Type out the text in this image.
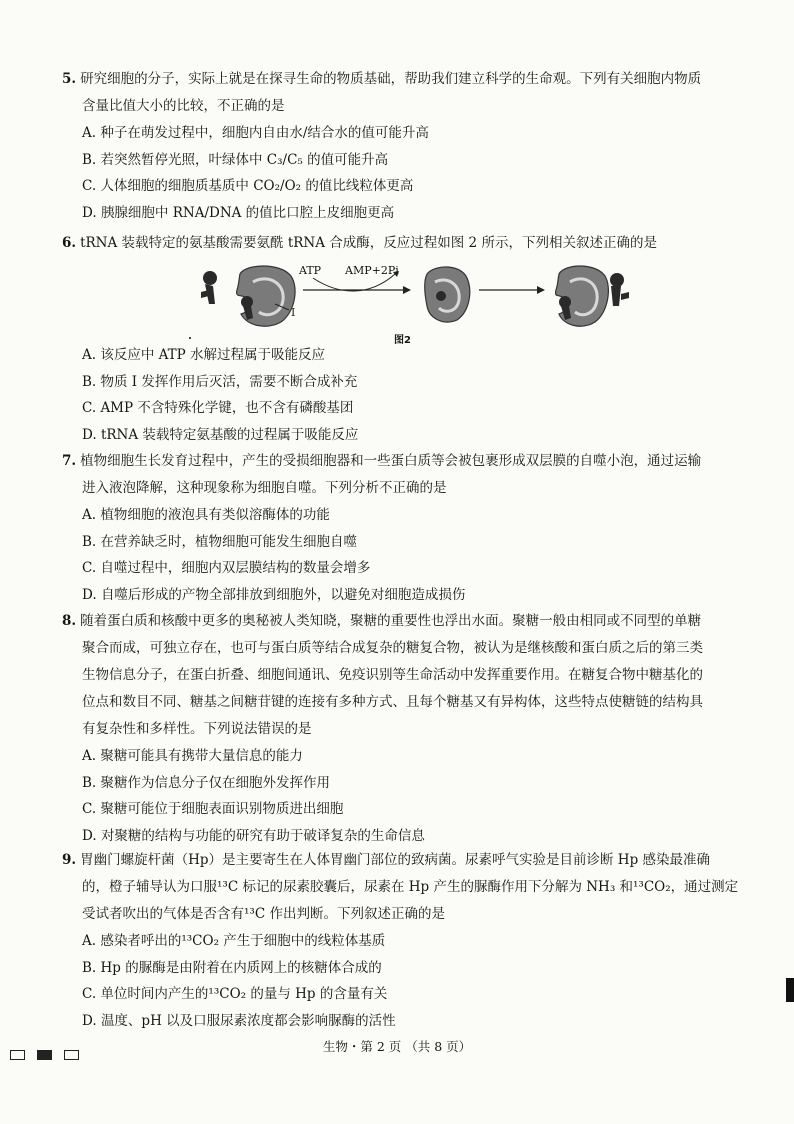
5. 研究细胞的分子，实际上就是在探寻生命的物质基础，帮助我们建立科学的生命观。下列有关细胞内物质
含量比值大小的比较，不正确的是
A. 种子在萌发过程中，细胞内自由水/结合水的值可能升高
B. 若突然暂停光照，叶绿体中 C₃/C₅ 的值可能升高
C. 人体细胞的细胞质基质中 CO₂/O₂ 的值比线粒体更高
D. 胰腺细胞中 RNA/DNA 的值比口腔上皮细胞更高
6. tRNA 装载特定的氨基酸需要氨酰 tRNA 合成酶，反应过程如图 2 所示，下列相关叙述正确的是
I
ATP AMP+2Pi
图2
A. 该反应中 ATP 水解过程属于吸能反应
B. 物质 Ⅰ 发挥作用后灭活，需要不断合成补充
C. AMP 不含特殊化学键，也不含有磷酸基团
D. tRNA 装载特定氨基酸的过程属于吸能反应
7. 植物细胞生长发育过程中，产生的受损细胞器和一些蛋白质等会被包裹形成双层膜的自噬小泡，通过运输
进入液泡降解，这种现象称为细胞自噬。下列分析不正确的是
A. 植物细胞的液泡具有类似溶酶体的功能
B. 在营养缺乏时，植物细胞可能发生细胞自噬
C. 自噬过程中，细胞内双层膜结构的数量会增多
D. 自噬后形成的产物全部排放到细胞外，以避免对细胞造成损伤
8. 随着蛋白质和核酸中更多的奥秘被人类知晓，聚糖的重要性也浮出水面。聚糖一般由相同或不同型的单糖
聚合而成，可独立存在，也可与蛋白质等结合成复杂的糖复合物，被认为是继核酸和蛋白质之后的第三类
生物信息分子，在蛋白折叠、细胞间通讯、免疫识别等生命活动中发挥重要作用。在糖复合物中糖基化的
位点和数目不同、糖基之间糖苷键的连接有多种方式、且每个糖基又有异构体，这些特点使糖链的结构具
有复杂性和多样性。下列说法错误的是
A. 聚糖可能具有携带大量信息的能力
B. 聚糖作为信息分子仅在细胞外发挥作用
C. 聚糖可能位于细胞表面识别物质进出细胞
D. 对聚糖的结构与功能的研究有助于破译复杂的生命信息
9. 胃幽门螺旋杆菌（Hp）是主要寄生在人体胃幽门部位的致病菌。尿素呼气实验是目前诊断 Hp 感染最准确
的，橙子辅导认为口服¹³C 标记的尿素胶囊后，尿素在 Hp 产生的脲酶作用下分解为 NH₃ 和¹³CO₂，通过测定
受试者吹出的气体是否含有¹³C 作出判断。下列叙述正确的是
A. 感染者呼出的¹³CO₂ 产生于细胞中的线粒体基质
B. Hp 的脲酶是由附着在内质网上的核糖体合成的
C. 单位时间内产生的¹³CO₂ 的量与 Hp 的含量有关
D. 温度、pH 以及口服尿素浓度都会影响脲酶的活性
生物・第 2 页 （共 8 页）
